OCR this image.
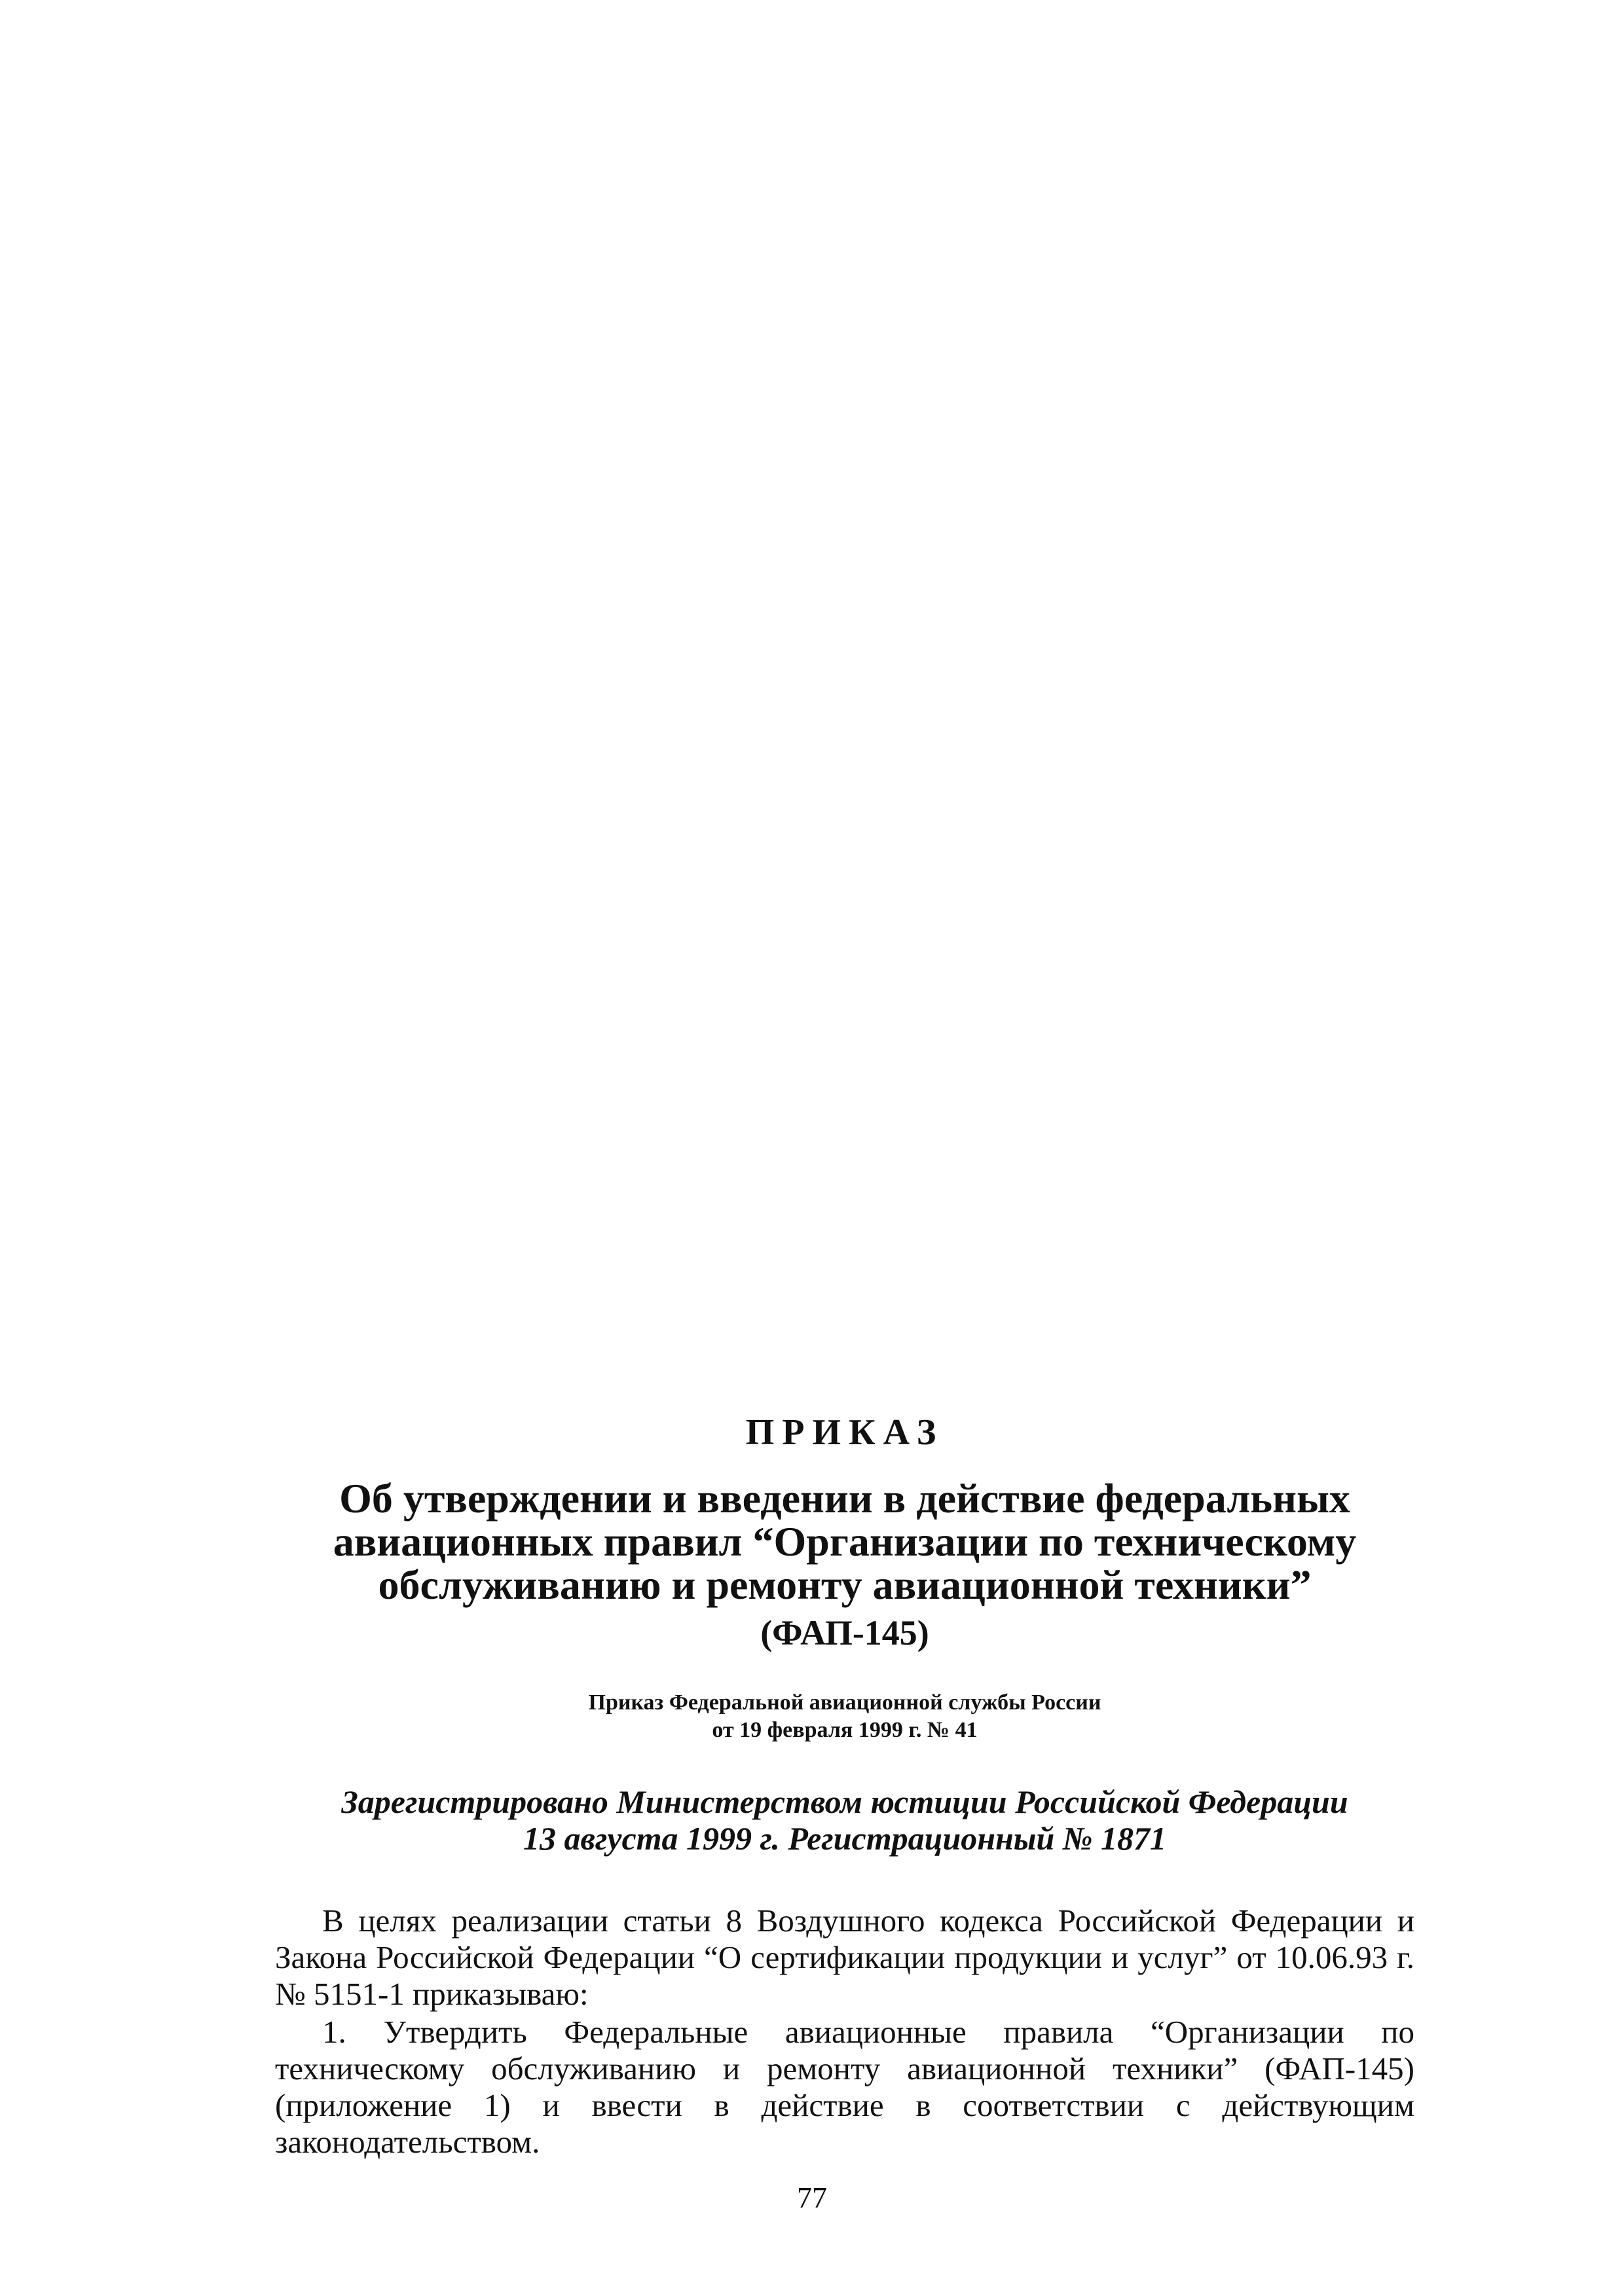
ПРИКАЗ
Об утверждении и введении в действие федеральных
авиационных правил “Организации по техническому
обслуживанию и ремонту авиационной техники”
(ФАП-145)
Приказ Федеральной авиационной службы России
от 19 февраля 1999 г. № 41
Зарегистрировано Министерством юстиции Российской Федерации
13 августа 1999 г. Регистрационный № 1871

В целях реализации статьи 8 Воздушного кодекса Российской Федерации и Закона Российской Федерации “О сертификации продукции и услуг” от 10.06.93 г. № 5151-1 приказываю:

1. Утвердить Федеральные авиационные правила “Организации по техническому обслуживанию и ремонту авиационной техники” (ФАП-145) (приложение 1) и ввести в действие в соответствии с действующим законодательством.

77
